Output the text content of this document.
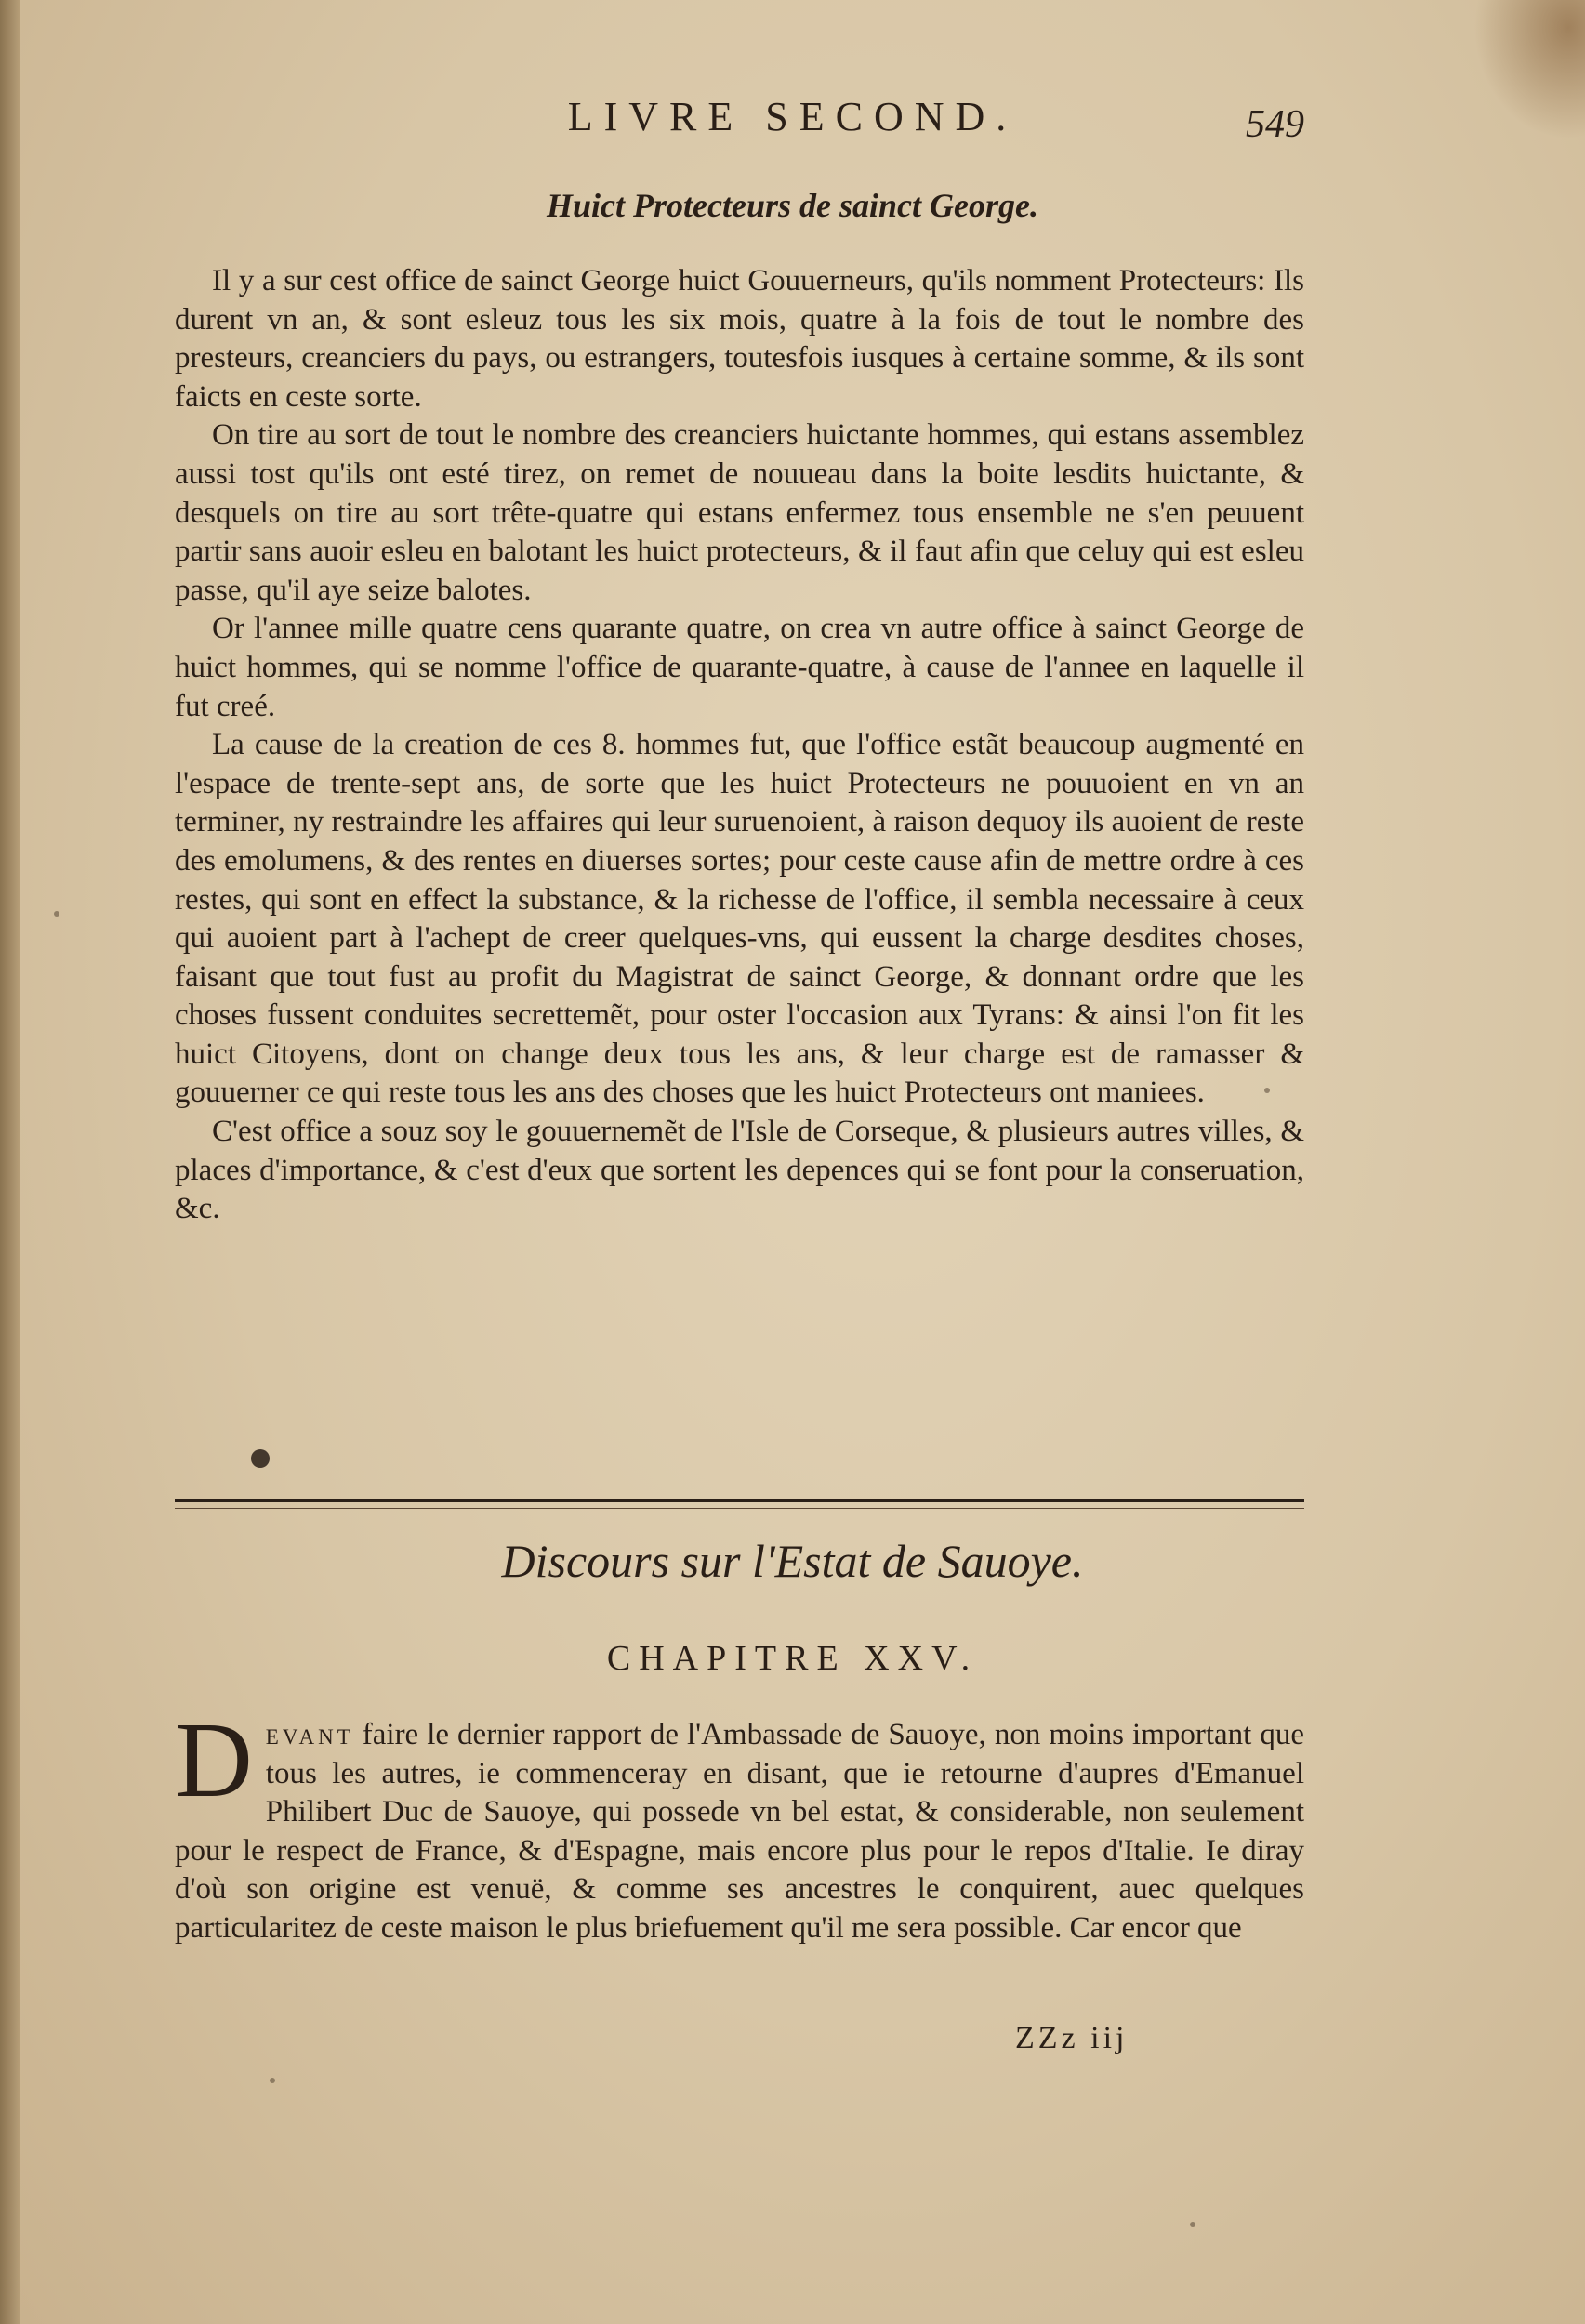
LIVRE SECOND.	549
Huict Protecteurs de sainct George.

Il y a sur cest office de sainct George huict Gouuerneurs, qu'ils nomment Protecteurs: Ils durent vn an, & sont esleuz tous les six mois, quatre à la fois de tout le nombre des presteurs, creanciers du pays, ou estrangers, toutesfois iusques à certaine somme, & ils sont faicts en ceste sorte.

On tire au sort de tout le nombre des creanciers huictante hommes, qui estans assemblez aussi tost qu'ils ont esté tirez, on remet de nouueau dans la boite lesdits huictante, & desquels on tire au sort trête-quatre qui estans enfermez tous ensemble ne s'en peuuent partir sans auoir esleu en balotant les huict protecteurs, & il faut afin que celuy qui est esleu passe, qu'il aye seize balotes.

Or l'annee mille quatre cens quarante quatre, on crea vn autre office à sainct George de huict hommes, qui se nomme l'office de quarante-quatre, à cause de l'annee en laquelle il fut creé.

La cause de la creation de ces 8. hommes fut, que l'office estãt beaucoup augmenté en l'espace de trente-sept ans, de sorte que les huict Protecteurs ne pouuoient en vn an terminer, ny restraindre les affaires qui leur suruenoient, à raison dequoy ils auoient de reste des emolumens, & des rentes en diuerses sortes; pour ceste cause afin de mettre ordre à ces restes, qui sont en effect la substance, & la richesse de l'office, il sembla necessaire à ceux qui auoient part à l'achept de creer quelques-vns, qui eussent la charge desdites choses, faisant que tout fust au profit du Magistrat de sainct George, & donnant ordre que les choses fussent conduites secrettemẽt, pour oster l'occasion aux Tyrans: & ainsi l'on fit les huict Citoyens, dont on change deux tous les ans, & leur charge est de ramasser & gouuerner ce qui reste tous les ans des choses que les huict Protecteurs ont maniees.

C'est office a souz soy le gouuernemẽt de l'Isle de Corseque, & plusieurs autres villes, & places d'importance, & c'est d'eux que sortent les depences qui se font pour la conseruation, &c.

Discours sur l'Estat de Sauoye.
CHAPITRE XXV.

Devant faire le dernier rapport de l'Ambassade de Sauoye, non moins important que tous les autres, ie commenceray en disant, que ie retourne d'aupres d'Emanuel Philibert Duc de Sauoye, qui possede vn bel estat, & considerable, non seulement pour le respect de France, & d'Espagne, mais encore plus pour le repos d'Italie. Ie diray d'où son origine est venuë, & comme ses ancestres le conquirent, auec quelques particularitez de ceste maison le plus briefuement qu'il me sera possible. Car encor que

ZZz iij
